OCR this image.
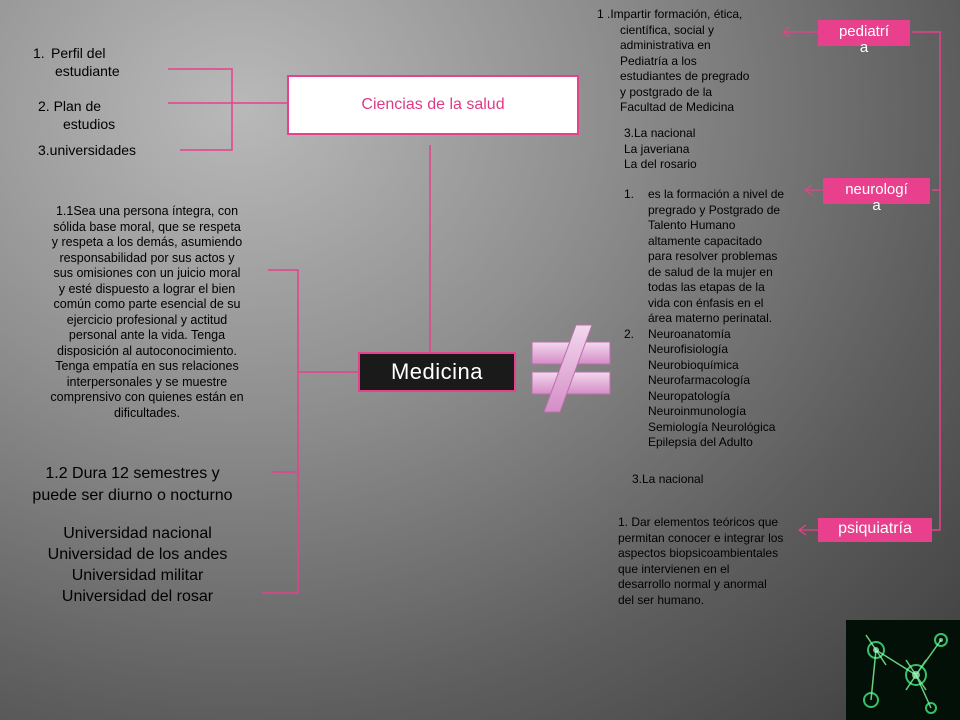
1. Perfil del
estudiante
2. Plan de
estudios
3.universidades
Ciencias de la salud
1.1Sea una persona íntegra, con
sólida base moral, que se respeta
y respeta a los demás, asumiendo
responsabilidad por sus actos y
sus omisiones con un juicio moral
y esté dispuesto a lograr el bien
común como parte esencial de su
ejercicio profesional y actitud
personal ante la vida. Tenga
disposición al autoconocimiento.
Tenga empatía en sus relaciones
interpersonales y se muestre
comprensivo con quienes están en
dificultades.
1.2 Dura 12 semestres y
puede ser diurno o nocturno
Universidad nacional
Universidad de los andes
Universidad militar
Universidad del rosar
Medicina
1 .Impartir formación, ética,
científica, social y
administrativa en
Pediatría a los
estudiantes de pregrado
y postgrado de la
Facultad de Medicina
3.La nacional
La javeriana
La del rosario
pediatrí
a
neurologí
a
1.	es la formación a nivel de
pregrado y Postgrado de
Talento Humano
altamente capacitado
para resolver problemas
de salud de la mujer en
todas las etapas de la
vida con énfasis en el
área materno perinatal.
2.	Neuroanatomía
Neurofisiología
Neurobioquímica
Neurofarmacología
Neuropatología
Neuroinmunología
Semiología Neurológica
Epilepsia del Adulto
3.La nacional
psiquiatría
1. Dar elementos teóricos que
permitan conocer e integrar los
aspectos biopsicoambientales
que intervienen en el
desarrollo normal y anormal
del ser humano.
